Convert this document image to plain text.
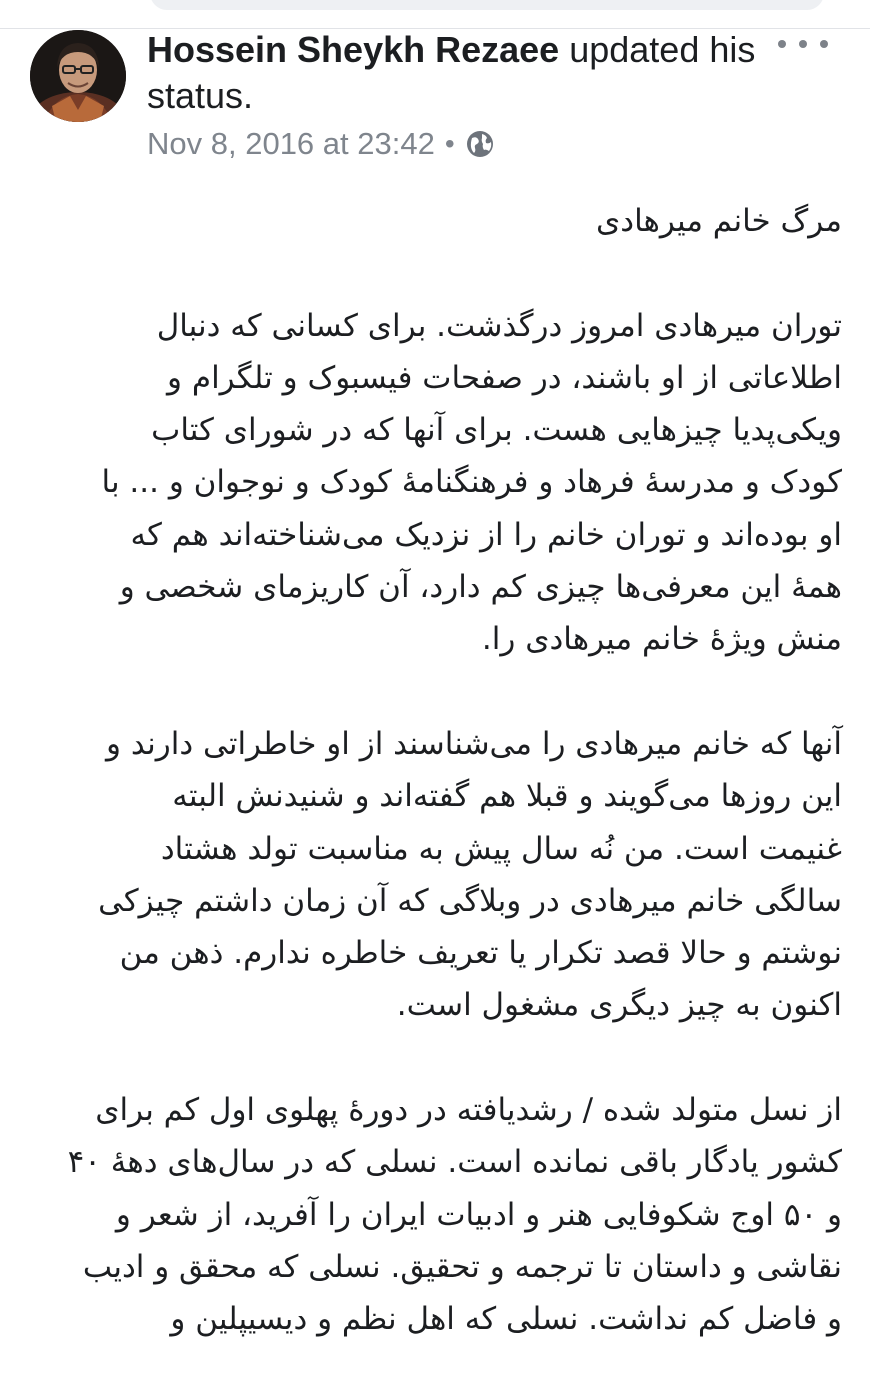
Hossein Sheykh Rezaee updated his status.
Nov 8, 2016 at 23:42 •

مرگ خانم میرهادی

توران میرهادی امروز درگذشت. برای کسانی که دنبال
اطلاعاتی از او باشند، در صفحات فیسبوک و تلگرام و
ویکی‌پدیا چیزهایی هست. برای آنها که در شورای کتاب
کودک و مدرسهٔ فرهاد و فرهنگنامهٔ کودک و نوجوان و ... با
او بوده‌اند و توران خانم را از نزدیک می‌شناخته‌اند هم که
همهٔ این معرفی‌ها چیزی کم دارد، آن کاریزمای شخصی و
منش ویژهٔ خانم میرهادی را.

آنها که خانم میرهادی را می‌شناسند از او خاطراتی دارند و
این روزها می‌گویند و قبلا هم گفته‌اند و شنیدنش البته
غنیمت است. من نُه سال پیش به مناسبت تولد هشتاد
سالگی خانم میرهادی در وبلاگی که آن زمان داشتم چیزکی
نوشتم و حالا قصد تکرار یا تعریف خاطره ندارم. ذهن من
اکنون به چیز دیگری مشغول است.

از نسل متولد شده / رشدیافته در دورهٔ پهلوی اول کم برای
کشور یادگار باقی نمانده است. نسلی که در سال‌های دههٔ ۴۰
و ۵۰ اوج شکوفایی هنر و ادبیات ایران را آفرید، از شعر و
نقاشی و داستان تا ترجمه و تحقیق. نسلی که محقق و ادیب
و فاضل کم نداشت. نسلی که اهل نظم و دیسیپلین و
